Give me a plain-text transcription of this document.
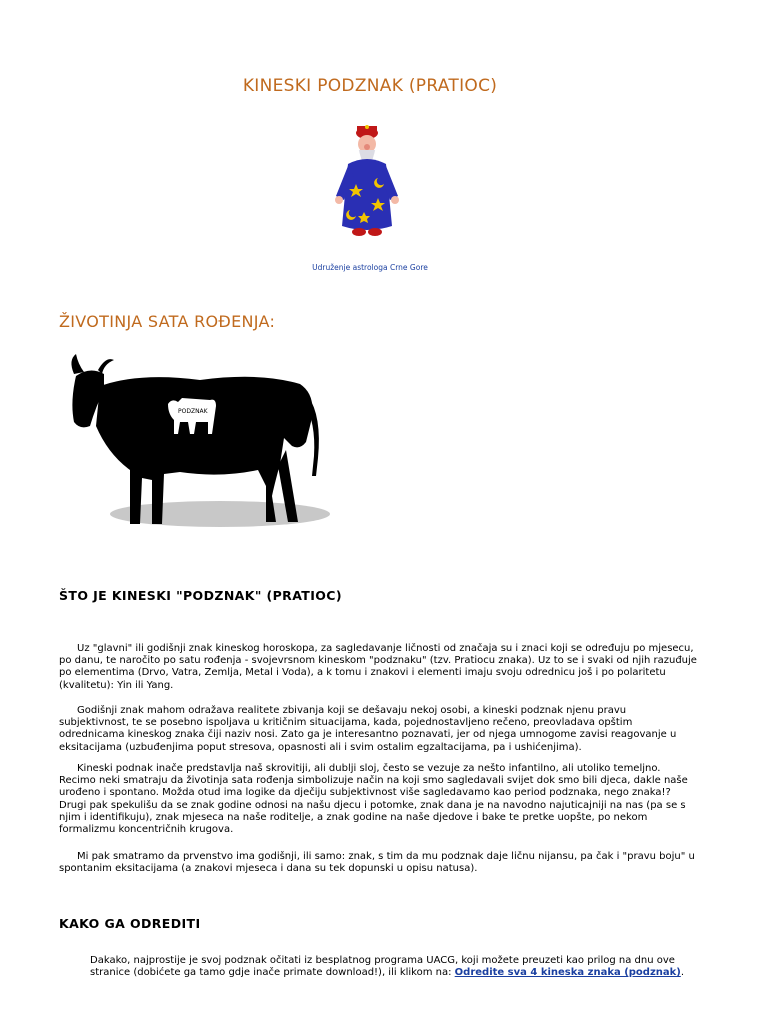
KINESKI PODZNAK (PRATIOC)
Udruženje astrologa Crne Gore
ŽIVOTINJA SATA ROĐENJA:
PODZNAK
ŠTO JE KINESKI "PODZNAK" (PRATIOC)

Uz "glavni" ili godišnji znak kineskog horoskopa, za sagledavanje ličnosti od značaja su i znaci koji se određuju po mjesecu, po danu, te naročito po satu rođenja - svojevrsnom kineskom "podznaku" (tzv. Pratiocu znaka). Uz to se i svaki od njih razuđuje po elementima (Drvo, Vatra, Zemlja, Metal i Voda), a k tomu i znakovi i elementi imaju svoju odrednicu još i po polaritetu (kvalitetu): Yin ili Yang.

Godišnji znak mahom odražava realitete zbivanja koji se dešavaju nekoj osobi, a kineski podznak njenu pravu subjektivnost, te se posebno ispoljava u kritičnim situacijama, kada, pojednostavljeno rečeno, preovladava opštim odrednicama kineskog znaka čiji naziv nosi. Zato ga je interesantno poznavati, jer od njega umnogome zavisi reagovanje u eksitacijama (uzbuđenjima poput stresova, opasnosti ali i svim ostalim egzaltacijama, pa i ushićenjima).

Kineski podnak inače predstavlja naš skrovitiji, ali dublji sloj, često se vezuje za nešto infantilno, ali utoliko temeljno. Recimo neki smatraju da životinja sata rođenja simbolizuje način na koji smo sagledavali svijet dok smo bili djeca, dakle naše urođeno i spontano. Možda otud ima logike da dječiju subjektivnost više sagledavamo kao period podznaka, nego znaka!? Drugi pak spekulišu da se znak godine odnosi na našu djecu i potomke, znak dana je na navodno najuticajniji na nas (pa se s njim i identifikuju), znak mjeseca na naše roditelje, a znak godine na naše djedove i bake te pretke uopšte, po nekom formalizmu koncentričnih krugova.

Mi pak smatramo da prvenstvo ima godišnji, ili samo: znak, s tim da mu podznak daje ličnu nijansu, pa čak i "pravu boju" u spontanim eksitacijama (a znakovi mjeseca i dana su tek dopunski u opisu natusa).

KAKO GA ODREDITI

Dakako, najprostije je svoj podznak očitati iz besplatnog programa UACG, koji možete preuzeti kao prilog na dnu ove stranice (dobićete ga tamo gdje inače primate download!), ili klikom na: Odredite sva 4 kineska znaka (podznak).
